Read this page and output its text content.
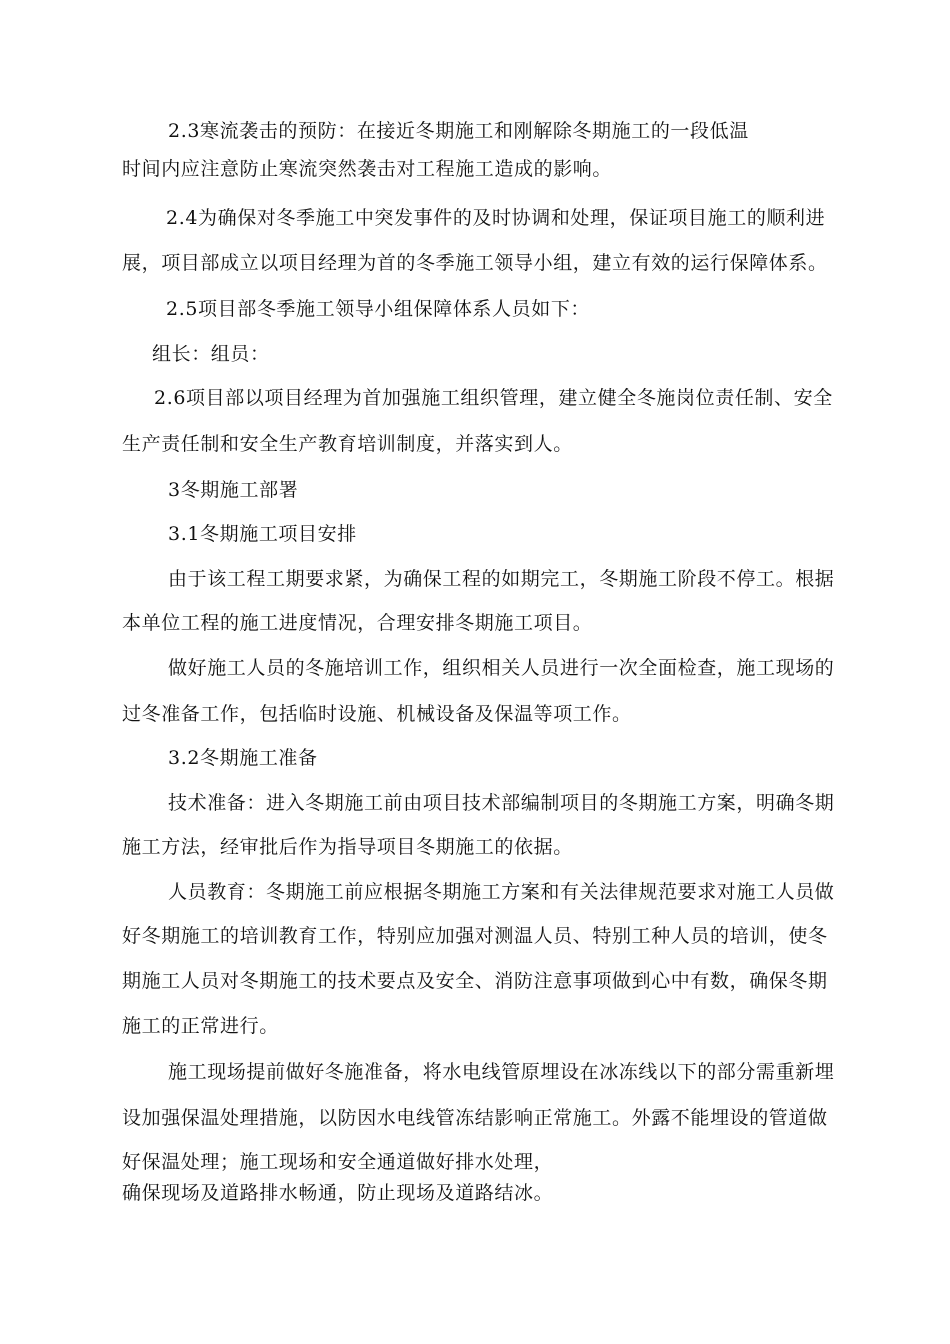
2.3寒流袭击的预防：在接近冬期施工和刚解除冬期施工的一段低温
时间内应注意防止寒流突然袭击对工程施工造成的影响。
2.4为确保对冬季施工中突发事件的及时协调和处理，保证项目施工的顺利进
展，项目部成立以项目经理为首的冬季施工领导小组，建立有效的运行保障体系。
2.5项目部冬季施工领导小组保障体系人员如下：
组长：组员：
2.6项目部以项目经理为首加强施工组织管理，建立健全冬施岗位责任制、安全
生产责任制和安全生产教育培训制度，并落实到人。
3冬期施工部署
3.1冬期施工项目安排
由于该工程工期要求紧，为确保工程的如期完工，冬期施工阶段不停工。根据
本单位工程的施工进度情况，合理安排冬期施工项目。
做好施工人员的冬施培训工作，组织相关人员进行一次全面检查，施工现场的
过冬准备工作，包括临时设施、机械设备及保温等项工作。
3.2冬期施工准备
技术准备：进入冬期施工前由项目技术部编制项目的冬期施工方案，明确冬期
施工方法，经审批后作为指导项目冬期施工的依据。
人员教育：冬期施工前应根据冬期施工方案和有关法律规范要求对施工人员做
好冬期施工的培训教育工作，特别应加强对测温人员、特别工种人员的培训，使冬
期施工人员对冬期施工的技术要点及安全、消防注意事项做到心中有数，确保冬期
施工的正常进行。
施工现场提前做好冬施准备，将水电线管原埋设在冰冻线以下的部分需重新埋
设加强保温处理措施，以防因水电线管冻结影响正常施工。外露不能埋设的管道做
好保温处理；施工现场和安全通道做好排水处理，
确保现场及道路排水畅通，防止现场及道路结冰。
